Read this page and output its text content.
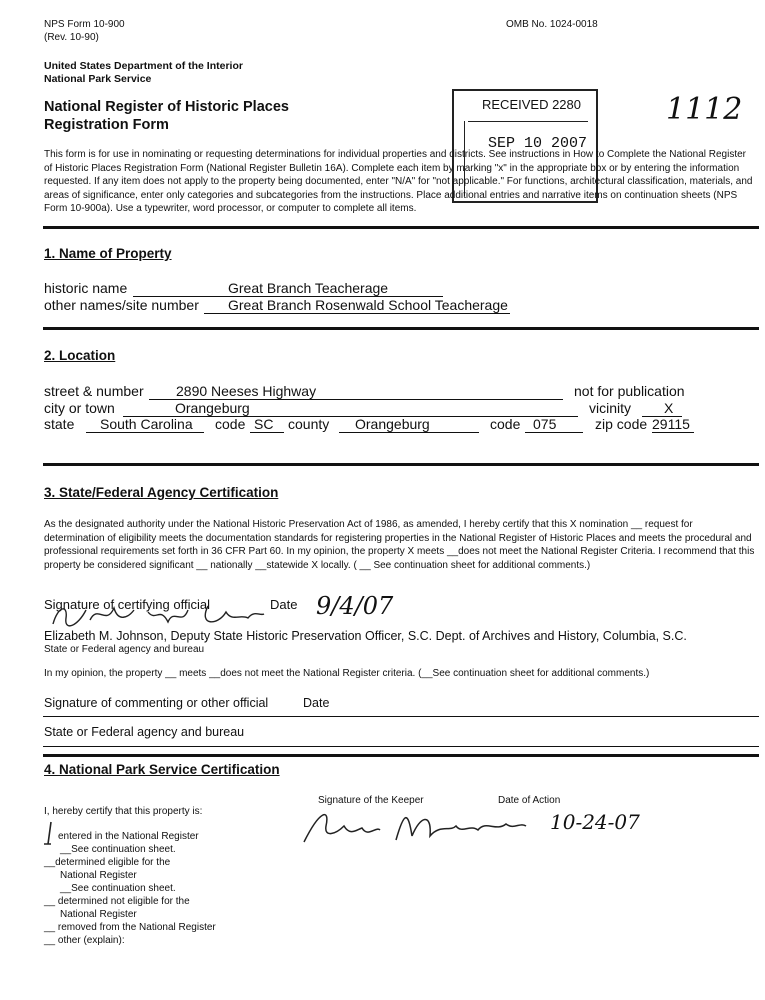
NPS Form 10-900
(Rev. 10-90)
OMB No. 1024-0018
United States Department of the Interior
National Park Service
National Register of Historic Places
Registration Form
RECEIVED 2280
SEP 10 2007
1112
This form is for use in nominating or requesting determinations for individual properties and districts. See instructions in How to Complete the National Register of Historic Places Registration Form (National Register Bulletin 16A). Complete each item by marking "x" in the appropriate box or by entering the information requested. If any item does not apply to the property being documented, enter "N/A" for "not applicable." For functions, architectural classification, materials, and areas of significance, enter only categories and subcategories from the instructions. Place additional entries and narrative items on continuation sheets (NPS Form 10-900a). Use a typewriter, word processor, or computer to complete all items.
1. Name of Property
historic name	Great Branch Teacherage
other names/site number	Great Branch Rosenwald School Teacherage
2. Location
street & number	2890 Neeses Highway	not for publication
city or town	Orangeburg	vicinity	X
state	South Carolina	code SC	county	Orangeburg	code 075	zip code 29115
3. State/Federal Agency Certification
As the designated authority under the National Historic Preservation Act of 1986, as amended, I hereby certify that this X nomination __ request for determination of eligibility meets the documentation standards for registering properties in the National Register of Historic Places and meets the procedural and professional requirements set forth in 36 CFR Part 60. In my opinion, the property X meets __does not meet the National Register Criteria. I recommend that this property be considered significant __ nationally __statewide X locally. ( __ See continuation sheet for additional comments.)
Signature of certifying official	Date 9/4/07
Elizabeth M. Johnson, Deputy State Historic Preservation Officer, S.C. Dept. of Archives and History, Columbia, S.C.
State or Federal agency and bureau
In my opinion, the property __ meets __does not meet the National Register criteria. (__See continuation sheet for additional comments.)
Signature of commenting or other official	Date
State or Federal agency and bureau
4. National Park Service Certification
I, hereby certify that this property is:
Signature of the Keeper	Date of Action
10-24-07
entered in the National Register
__See continuation sheet.
__determined eligible for the
National Register
__See continuation sheet.
__ determined not eligible for the
National Register
__ removed from the National Register
__ other (explain):
